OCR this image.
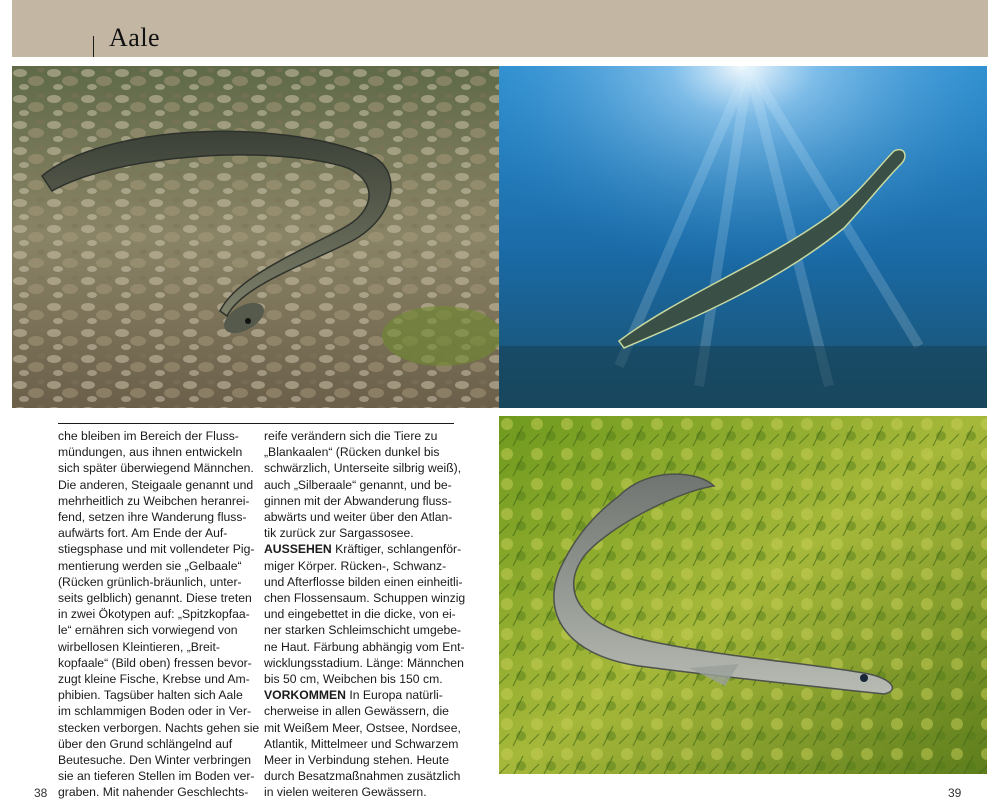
Aale

che bleiben im Bereich der Fluss-

mündungen, aus ihnen entwickeln

sich später überwiegend Männchen.

Die anderen, Steigaale genannt und

mehrheitlich zu Weibchen heranrei-

fend, setzen ihre Wanderung fluss-

aufwärts fort. Am Ende der Auf-

stiegsphase und mit vollendeter Pig-

mentierung werden sie „Gelbaale“

(Rücken grünlich-bräunlich, unter-

seits gelblich) genannt. Diese treten

in zwei Ökotypen auf: „Spitzkopfaa-

le“ ernähren sich vorwiegend von

wirbellosen Kleintieren, „Breit-

kopfaale“ (Bild oben) fressen bevor-

zugt kleine Fische, Krebse und Am-

phibien. Tagsüber halten sich Aale

im schlammigen Boden oder in Ver-

stecken verborgen. Nachts gehen sie

über den Grund schlängelnd auf

Beutesuche. Den Winter verbringen

sie an tieferen Stellen im Boden ver-

graben. Mit nahender Geschlechts-

reife verändern sich die Tiere zu

„Blankaalen“ (Rücken dunkel bis

schwärzlich, Unterseite silbrig weiß),

auch „Silberaale“ genannt, und be-

ginnen mit der Abwanderung fluss-

abwärts und weiter über den Atlan-

tik zurück zur Sargassosee.

AUSSEHEN Kräftiger, schlangenför-

miger Körper. Rücken-, Schwanz-

und Afterflosse bilden einen einheitli-

chen Flossensaum. Schuppen winzig

und eingebettet in die dicke, von ei-

ner starken Schleimschicht umgebe-

ne Haut. Färbung abhängig vom Ent-

wicklungsstadium. Länge: Männchen

bis 50 cm, Weibchen bis 150 cm.

VORKOMMEN In Europa natürli-

cherweise in allen Gewässern, die

mit Weißem Meer, Ostsee, Nordsee,

Atlantik, Mittelmeer und Schwarzem

Meer in Verbindung stehen. Heute

durch Besatzmaßnahmen zusätzlich

in vielen weiteren Gewässern.

38	39
